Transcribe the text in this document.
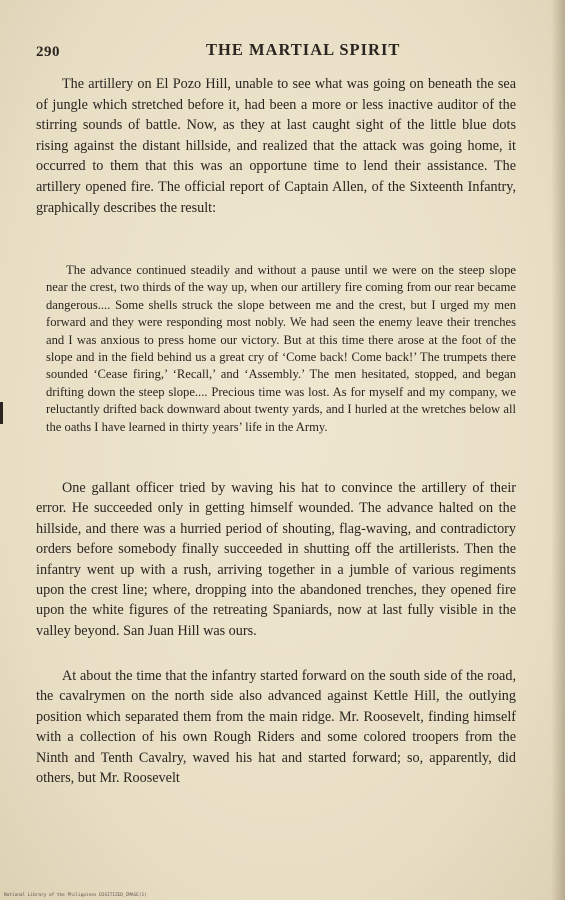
290	THE MARTIAL SPIRIT

The artillery on El Pozo Hill, unable to see what was going on beneath the sea of jungle which stretched before it, had been a more or less inactive auditor of the stirring sounds of battle. Now, as they at last caught sight of the little blue dots rising against the distant hillside, and realized that the attack was going home, it occurred to them that this was an opportune time to lend their assistance. The artillery opened fire. The official report of Captain Allen, of the Sixteenth Infantry, graphically describes the result:

The advance continued steadily and without a pause until we were on the steep slope near the crest, two thirds of the way up, when our artillery fire coming from our rear became dangerous.... Some shells struck the slope between me and the crest, but I urged my men forward and they were responding most nobly. We had seen the enemy leave their trenches and I was anxious to press home our victory. But at this time there arose at the foot of the slope and in the field behind us a great cry of ‘Come back! Come back!’ The trumpets there sounded ‘Cease firing,’ ‘Recall,’ and ‘Assembly.’ The men hesitated, stopped, and began drifting down the steep slope.... Precious time was lost. As for myself and my company, we reluctantly drifted back downward about twenty yards, and I hurled at the wretches below all the oaths I have learned in thirty years’ life in the Army.

One gallant officer tried by waving his hat to convince the artillery of their error. He succeeded only in getting himself wounded. The advance halted on the hillside, and there was a hurried period of shouting, flag-waving, and contradictory orders before somebody finally succeeded in shutting off the artillerists. Then the infantry went up with a rush, arriving together in a jumble of various regiments upon the crest line; where, dropping into the abandoned trenches, they opened fire upon the white figures of the retreating Spaniards, now at last fully visible in the valley beyond. San Juan Hill was ours.

At about the time that the infantry started forward on the south side of the road, the cavalrymen on the north side also advanced against Kettle Hill, the outlying position which separated them from the main ridge. Mr. Roosevelt, finding himself with a collection of his own Rough Riders and some colored troopers from the Ninth and Tenth Cavalry, waved his hat and started forward; so, apparently, did others, but Mr. Roosevelt

National Library of the Philippines DIGITIZED_IMAGE(1)
